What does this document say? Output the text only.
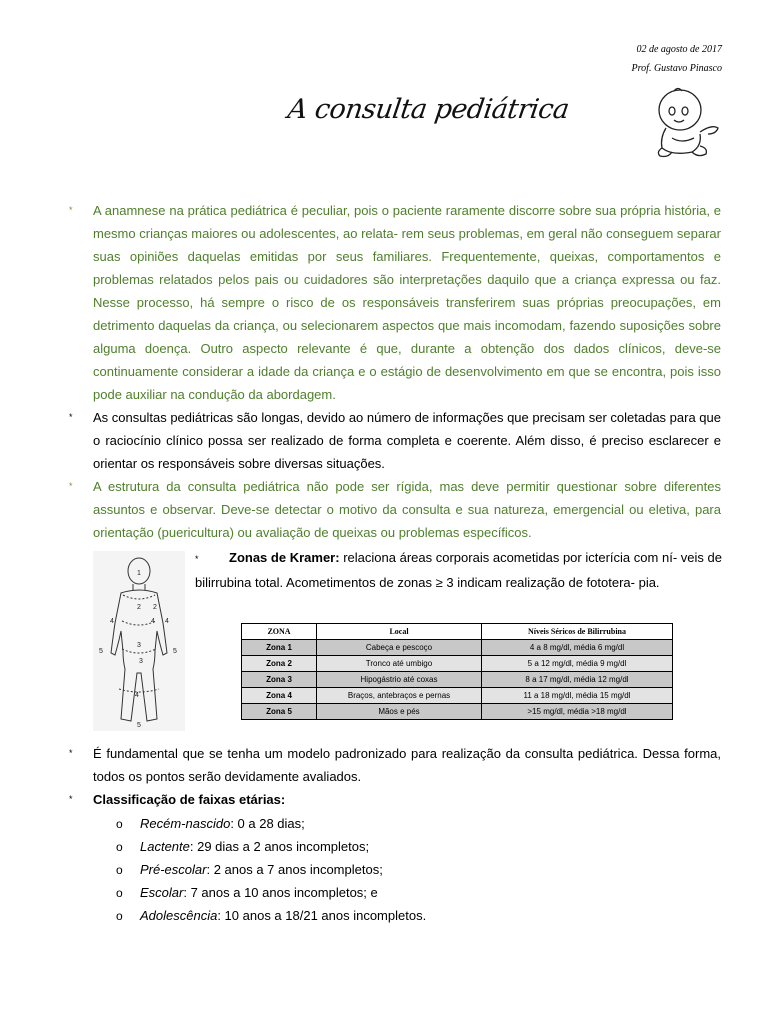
02 de agosto de 2017
Prof. Gustavo Pinasco
A consulta pediátrica
* A anamnese na prática pediátrica é peculiar, pois o paciente raramente discorre sobre sua própria história, e mesmo crianças maiores ou adolescentes, ao relata- rem seus problemas, em geral não conseguem separar suas opiniões daquelas emitidas por seus familiares. Frequentemente, queixas, comportamentos e problemas relatados pelos pais ou cuidadores são interpretações daquilo que a criança expressa ou faz. Nesse processo, há sempre o risco de os responsáveis transferirem suas próprias preocupações, em detrimento daquelas da criança, ou selecionarem aspectos que mais incomodam, fazendo suposições sobre alguma doença. Outro aspecto relevante é que, durante a obtenção dos dados clínicos, deve-se continuamente considerar a idade da criança e o estágio de desenvolvimento em que se encontra, pois isso pode auxiliar na condução da abordagem.

* As consultas pediátricas são longas, devido ao número de informações que precisam ser coletadas para que o raciocínio clínico possa ser realizado de forma completa e coerente. Além disso, é preciso esclarecer e orientar os responsáveis sobre diversas situações.

* A estrutura da consulta pediátrica não pode ser rígida, mas deve permitir questionar sobre diferentes assuntos e observar. Deve-se detectar o motivo da consulta e sua natureza, emergencial ou eletiva, para orientação (puericultura) ou avaliação de queixas ou problemas específicos.

1
2
3
4	4
5	5
5
4
4
3
2

* Zonas de Kramer: relaciona áreas corporais acometidas por icterícia com ní- veis de bilirrubina total. Acometimentos de zonas ≥ 3 indicam realização de fototera- pia.

ZONA	Local	Níveis Séricos de Bilirrubina
Zona 1	Cabeça e pescoço	4 a 8 mg/dl, média 6 mg/dl
Zona 2	Tronco até umbigo	5 a 12 mg/dl, média 9 mg/dl
Zona 3	Hipogástrio até coxas	8 a 17 mg/dl, média 12 mg/dl
Zona 4	Braços, antebraços e pernas	11 a 18 mg/dl, média 15 mg/dl
Zona 5	Mãos e pés	>15 mg/dl, média >18 mg/dl
* É fundamental que se tenha um modelo padronizado para realização da consulta pediátrica. Dessa forma, todos os pontos serão devidamente avaliados.

* Classificação de faixas etárias:

o Recém-nascido: 0 a 28 dias;
o Lactente: 29 dias a 2 anos incompletos;
o Pré-escolar: 2 anos a 7 anos incompletos;
o Escolar: 7 anos a 10 anos incompletos; e
o Adolescência: 10 anos a 18/21 anos incompletos.
